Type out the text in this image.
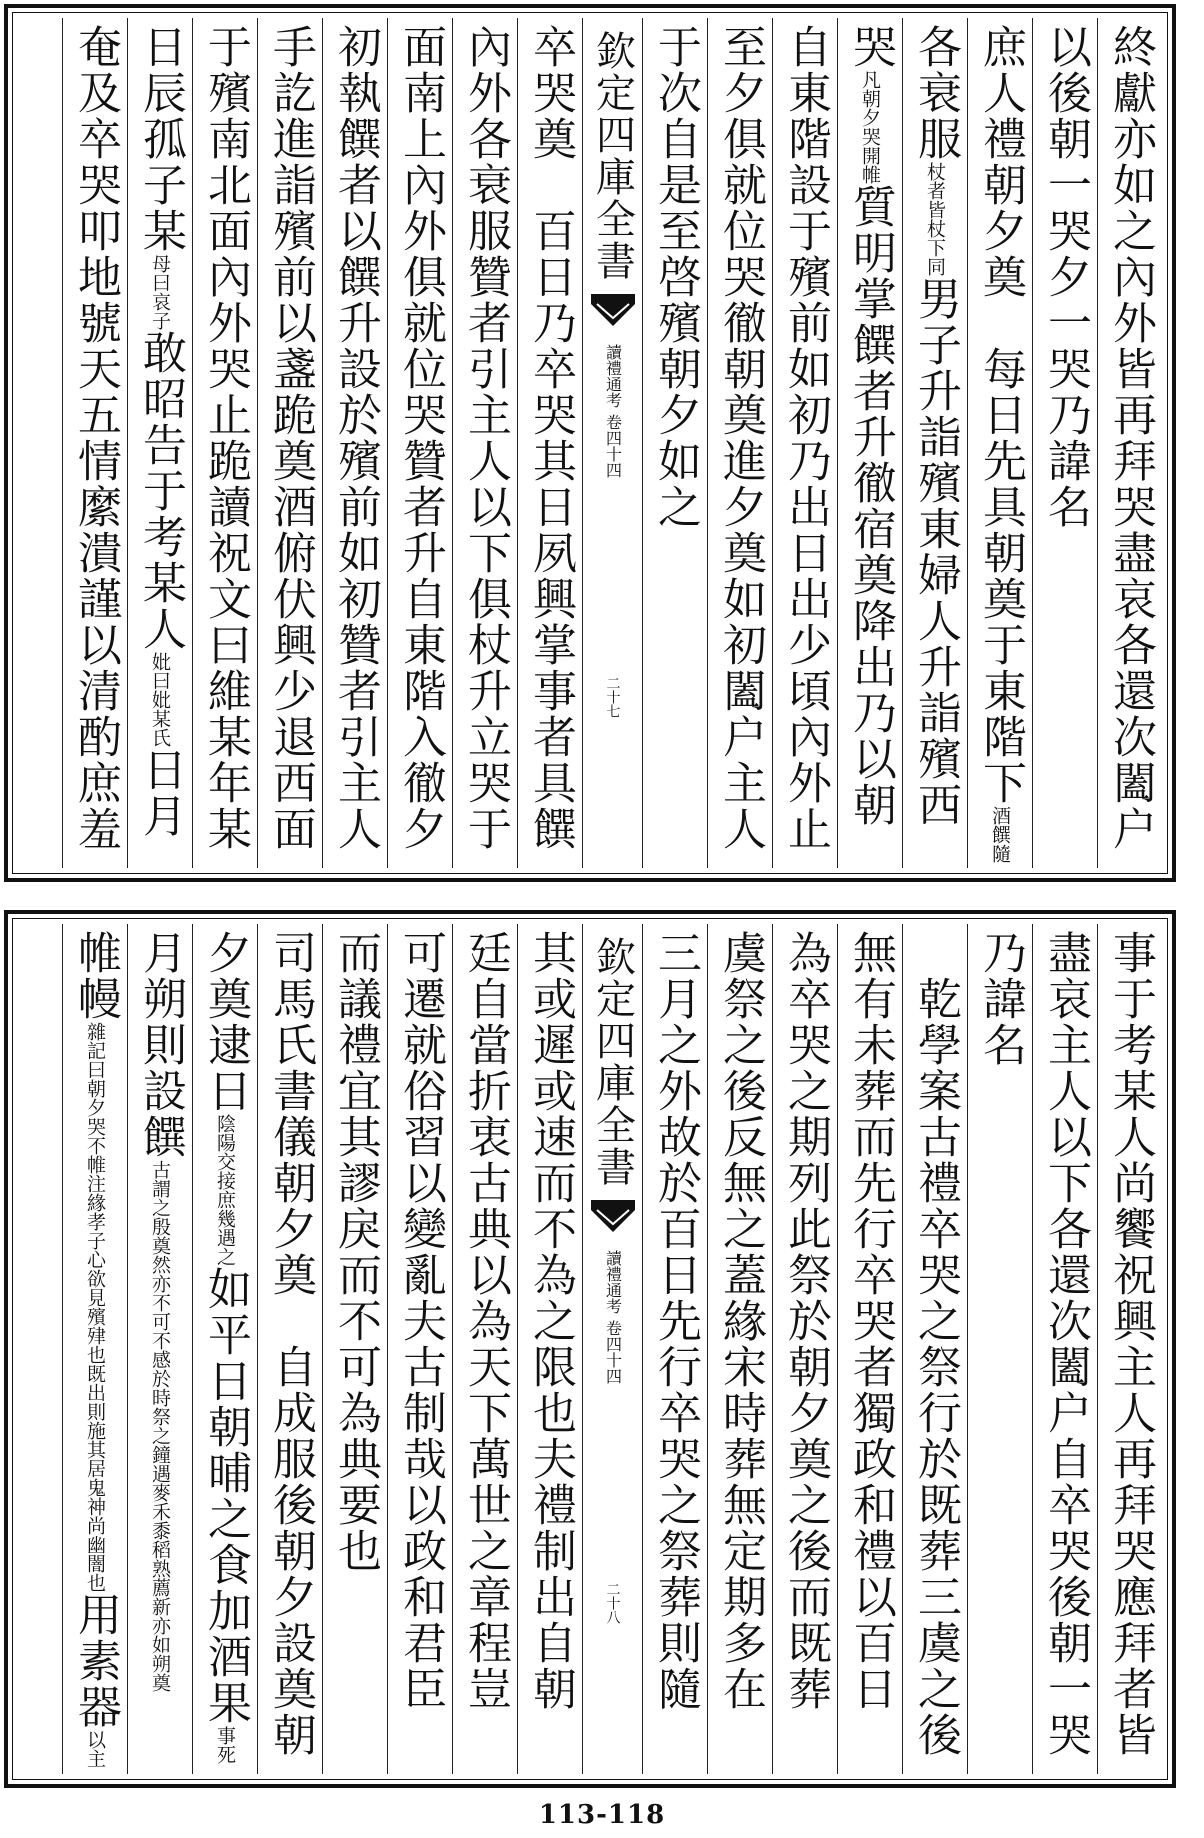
終獻亦如之內外皆再拜哭盡哀各還次闔户
以後朝一哭夕一哭乃諱名
庶人禮朝夕奠　每日先具朝奠于東階下酒饌隨
各衰服杖者皆杖下同男子升詣殯東婦人升詣殯西
哭凡朝夕哭開帷質明掌饌者升徹宿奠降出乃以朝
自東階設于殯前如初乃出日出少頃內外止
至夕俱就位哭徹朝奠進夕奠如初闔户主人
于次自是至啓殯朝夕如之
欽定四庫全書
讀禮通考
卷四十四
二十七
卒哭奠　百日乃卒哭其日夙興掌事者具饌
內外各衰服贊者引主人以下俱杖升立哭于
面南上內外俱就位哭贊者升自東階入徹夕
初執饌者以饌升設於殯前如初贊者引主人
手訖進詣殯前以盞跪奠酒俯伏興少退西面
于殯南北面內外哭止跪讀祝文曰維某年某
日辰孤子某母曰哀子敢昭告于考某人妣曰妣某氏日月
奄及卒哭叩地號天五情縻潰謹以清酌庶羞
事于考某人尚饗祝興主人再拜哭應拜者皆
盡哀主人以下各還次闔户自卒哭後朝一哭
乃諱名
　乾學案古禮卒哭之祭行於既葬三虞之後
無有未葬而先行卒哭者獨政和禮以百日
為卒哭之期列此祭於朝夕奠之後而既葬
虞祭之後反無之蓋緣宋時葬無定期多在
三月之外故於百日先行卒哭之祭葬則隨
欽定四庫全書
讀禮通考
卷四十四
二十八
其或遲或速而不為之限也夫禮制出自朝
廷自當折衷古典以為天下萬世之章程豈
可遷就俗習以變亂夫古制哉以政和君臣
而議禮宜其謬戾而不可為典要也
司馬氏書儀朝夕奠　自成服後朝夕設奠朝
夕奠逮日陰陽交接庶幾遇之如平日朝晡之食加酒果事死
月朔則設饌古謂之殷奠然亦不可不感於時祭之鐘遇麥禾黍稻熟薦新亦如朔奠
帷幔雜記曰朝夕哭不帷注緣孝子心欲見殯肂也既出則施其居鬼神尚幽闇也用素器以主
113-118
